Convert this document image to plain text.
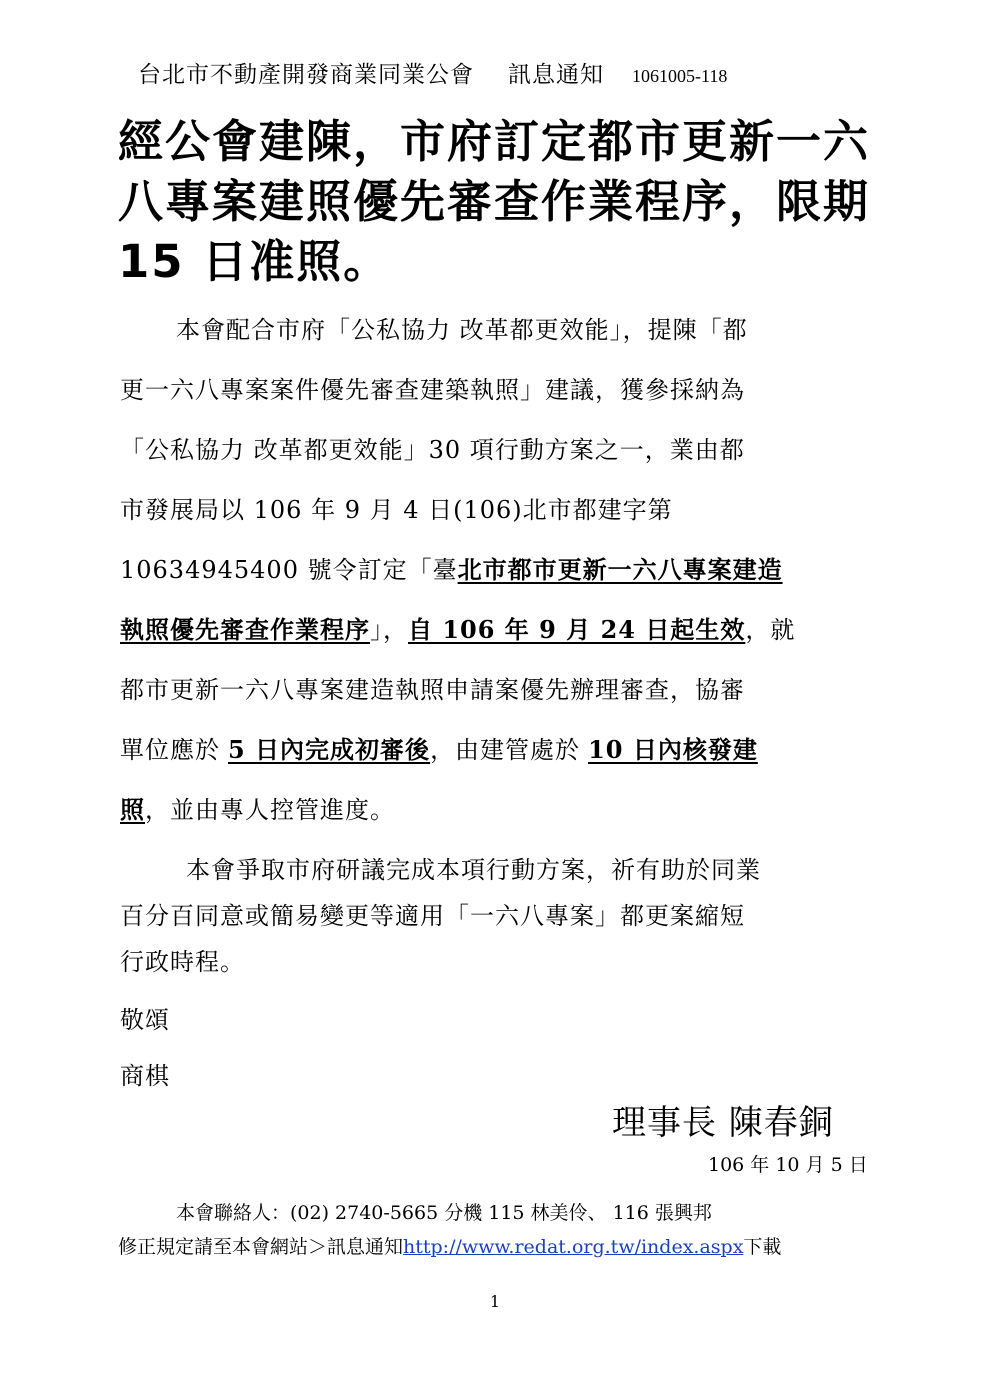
台北市不動產開發商業同業公會 訊息通知 1061005-118
經公會建陳，市府訂定都市更新一六
八專案建照優先審查作業程序，限期
15 日准照。
本會配合市府「公私協力 改革都更效能」，提陳「都
更一六八專案案件優先審查建築執照」建議，獲參採納為
「公私協力 改革都更效能」30 項行動方案之一，業由都
市發展局以 106 年 9 月 4 日(106)北市都建字第
10634945400 號令訂定「臺北市都市更新一六八專案建造
執照優先審查作業程序」，自 106 年 9 月 24 日起生效，就
都市更新一六八專案建造執照申請案優先辦理審查，協審
單位應於 5 日內完成初審後，由建管處於 10 日內核發建
照，並由專人控管進度。
本會爭取市府研議完成本項行動方案，祈有助於同業
百分百同意或簡易變更等適用「一六八專案」都更案縮短
行政時程。
敬頌
商棋
理事長 陳春銅
106 年 10 月 5 日
本會聯絡人：(02) 2740-5665 分機 115 林美伶、 116 張興邦
修正規定請至本會網站＞訊息通知http://www.redat.org.tw/index.aspx下載
1
